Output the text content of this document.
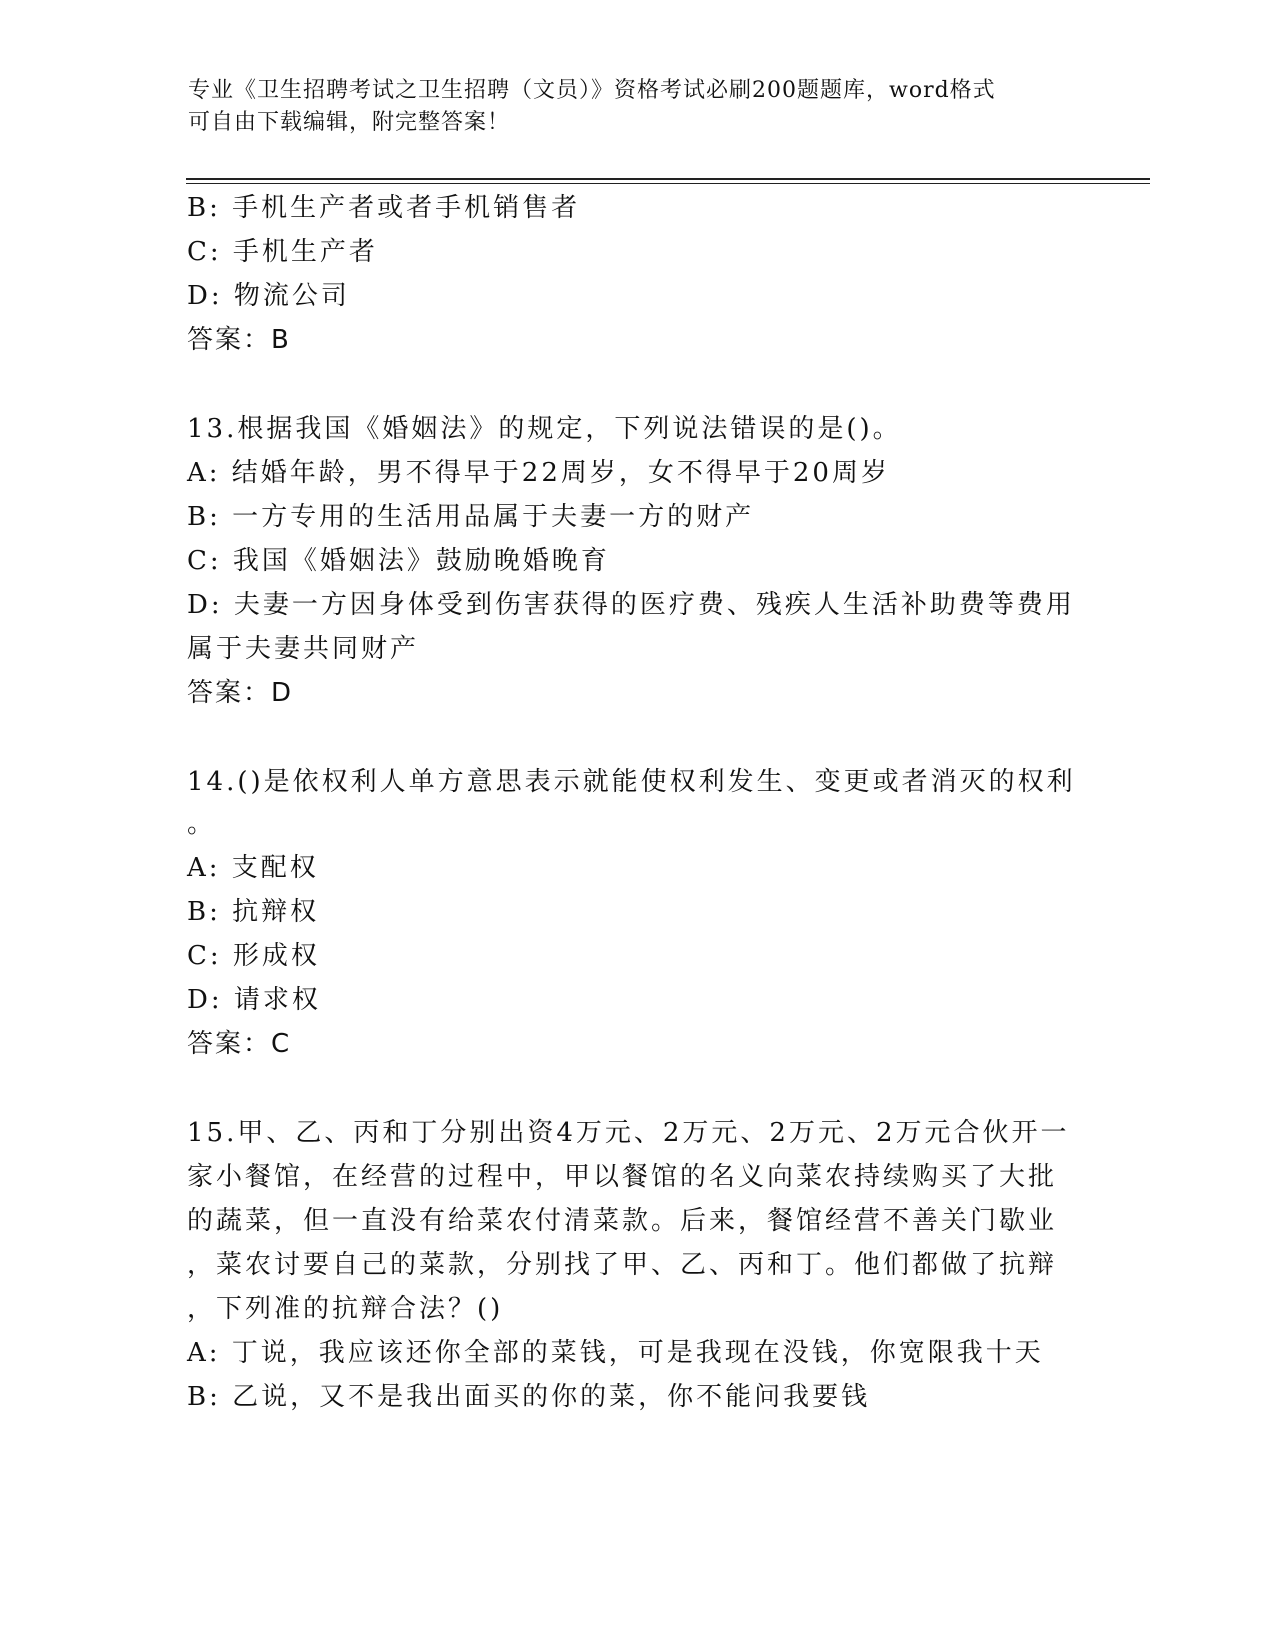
专业《卫生招聘考试之卫生招聘（文员）》资格考试必刷200题题库，word格式
可自由下载编辑，附完整答案！
B: 手机生产者或者手机销售者
C: 手机生产者
D: 物流公司
答案：B
13.根据我国《婚姻法》的规定，下列说法错误的是()。
A: 结婚年龄，男不得早于22周岁，女不得早于20周岁
B: 一方专用的生活用品属于夫妻一方的财产
C: 我国《婚姻法》鼓励晚婚晚育
D: 夫妻一方因身体受到伤害获得的医疗费、残疾人生活补助费等费用
属于夫妻共同财产
答案：D
14.()是依权利人单方意思表示就能使权利发生、变更或者消灭的权利
。
A: 支配权
B: 抗辩权
C: 形成权
D: 请求权
答案：C
15.甲、乙、丙和丁分别出资4万元、2万元、2万元、2万元合伙开一
家小餐馆，在经营的过程中，甲以餐馆的名义向菜农持续购买了大批
的蔬菜，但一直没有给菜农付清菜款。后来，餐馆经营不善关门歇业
，菜农讨要自己的菜款，分别找了甲、乙、丙和丁。他们都做了抗辩
，下列准的抗辩合法？()
A: 丁说，我应该还你全部的菜钱，可是我现在没钱，你宽限我十天
B: 乙说，又不是我出面买的你的菜，你不能问我要钱
